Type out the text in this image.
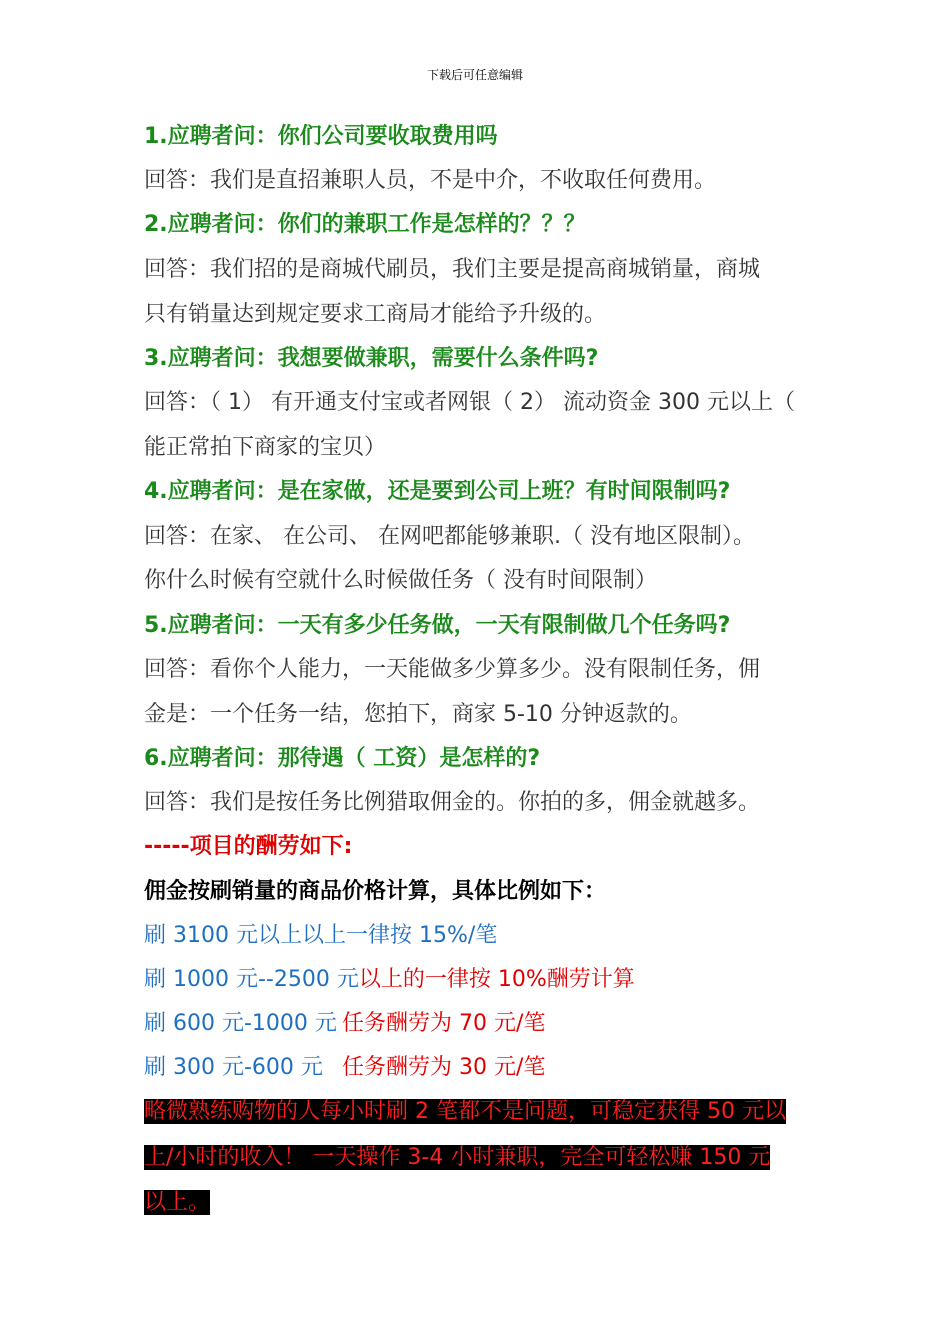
下载后可任意编辑
1.应聘者问：你们公司要收取费用吗
回答：我们是直招兼职人员，不是中介，不收取任何费用。
2.应聘者问：你们的兼职工作是怎样的？？？
回答：我们招的是商城代刷员，我们主要是提高商城销量，商城
只有销量达到规定要求工商局才能给予升级的。
3.应聘者问：我想要做兼职，需要什么条件吗?
回答：（ 1） 有开通支付宝或者网银（ 2） 流动资金 300 元以上（
能正常拍下商家的宝贝）
4.应聘者问：是在家做，还是要到公司上班？有时间限制吗?
回答：在家、 在公司、 在网吧都能够兼职.（ 没有地区限制）。
你什么时候有空就什么时候做任务（ 没有时间限制）
5.应聘者问：一天有多少任务做，一天有限制做几个任务吗?
回答：看你个人能力，一天能做多少算多少。没有限制任务，佣
金是：一个任务一结，您拍下，商家 5-10 分钟返款的。
6.应聘者问：那待遇（ 工资）是怎样的?
回答：我们是按任务比例猎取佣金的。你拍的多，佣金就越多。
-----项目的酬劳如下:
佣金按刷销量的商品价格计算，具体比例如下：
刷 3100 元以上以上一律按 15%/笔
刷 1000 元--2500 元以上的一律按 10%酬劳计算
刷 600 元-1000 元 任务酬劳为 70 元/笔
刷 300 元-600 元 任务酬劳为 30 元/笔
略微熟练购物的人每小时刷 2 笔都不是问题，可稳定获得 50 元以
上/小时的收入！ 一天操作 3-4 小时兼职，完全可轻松赚 150 元
以上。
